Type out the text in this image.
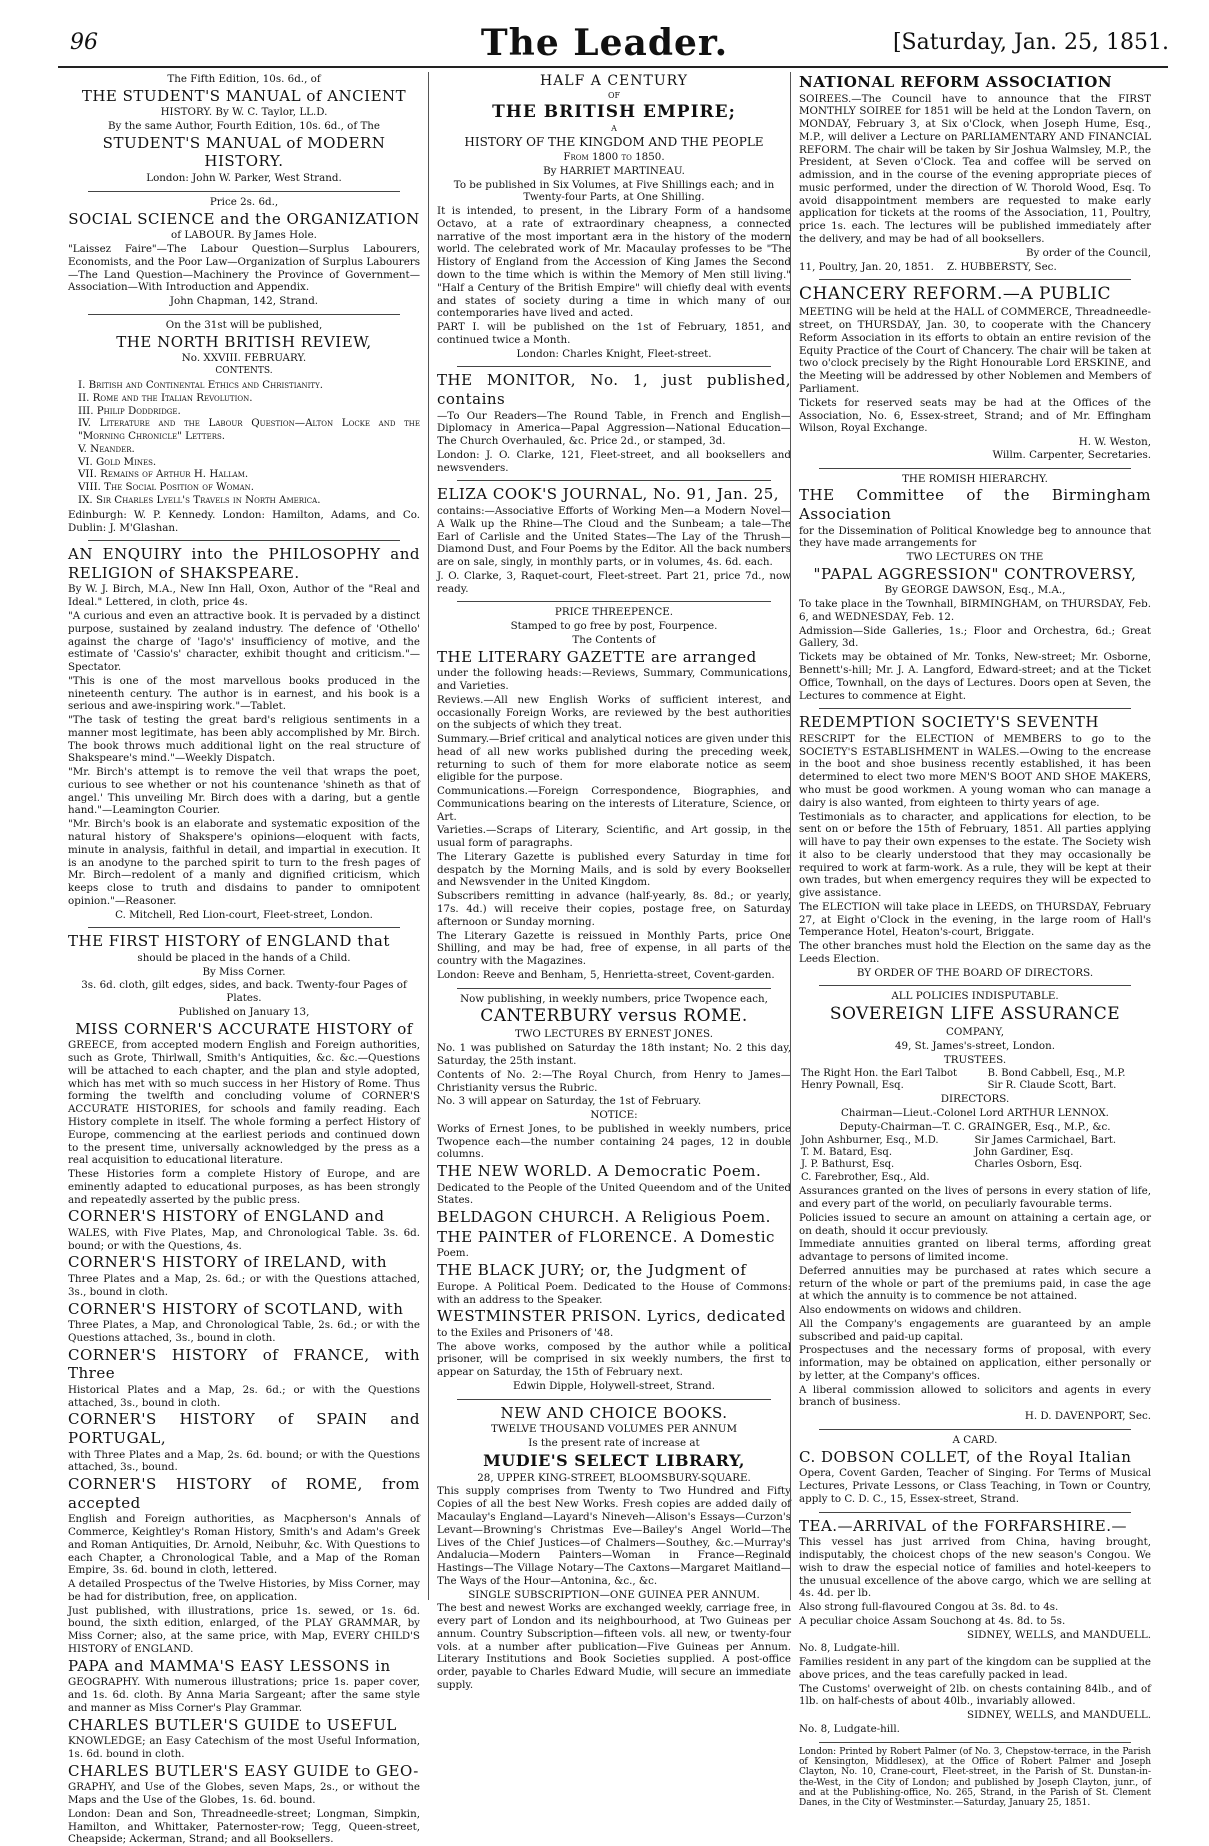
96	The Leader.	[Saturday, Jan. 25, 1851.

The Fifth Edition, 10s. 6d., of

THE STUDENT'S MANUAL of ANCIENT

HISTORY. By W. C. Taylor, LL.D.

By the same Author, Fourth Edition, 10s. 6d., of The

STUDENT'S MANUAL of MODERN HISTORY.

London: John W. Parker, West Strand.

Price 2s. 6d.,

SOCIAL SCIENCE and the ORGANIZATION

of LABOUR. By James Hole.

"Laissez Faire"—The Labour Question—Surplus Labourers, Economists, and the Poor Law—Organization of Surplus Labourers—The Land Question—Machinery the Province of Government—Association—With Introduction and Appendix.

John Chapman, 142, Strand.

On the 31st will be published,

THE NORTH BRITISH REVIEW,

No. XXVIII. FEBRUARY.

CONTENTS.

I. British and Continental Ethics and Christianity.
II. Rome and the Italian Revolution.
III. Philip Doddridge.
IV. Literature and the Labour Question—Alton Locke and the "Morning Chronicle" Letters.
V. Neander.
VI. Gold Mines.
VII. Remains of Arthur H. Hallam.
VIII. The Social Position of Woman.
IX. Sir Charles Lyell's Travels in North America.

Edinburgh: W. P. Kennedy. London: Hamilton, Adams, and Co. Dublin: J. M'Glashan.

AN ENQUIRY into the PHILOSOPHY and RELIGION of SHAKSPEARE.

By W. J. Birch, M.A., New Inn Hall, Oxon, Author of the "Real and Ideal." Lettered, in cloth, price 4s.

"A curious and even an attractive book. It is pervaded by a distinct purpose, sustained by zealand industry. The defence of 'Othello' against the charge of 'Iago's' insufficiency of motive, and the estimate of 'Cassio's' character, exhibit thought and criticism."—Spectator.

"This is one of the most marvellous books produced in the nineteenth century. The author is in earnest, and his book is a serious and awe-inspiring work."—Tablet.

"The task of testing the great bard's religious sentiments in a manner most legitimate, has been ably accomplished by Mr. Birch. The book throws much additional light on the real structure of Shakspeare's mind."—Weekly Dispatch.

"Mr. Birch's attempt is to remove the veil that wraps the poet, curious to see whether or not his countenance 'shineth as that of angel.' This unveiling Mr. Birch does with a daring, but a gentle hand."—Leamington Courier.

"Mr. Birch's book is an elaborate and systematic exposition of the natural history of Shakspere's opinions—eloquent with facts, minute in analysis, faithful in detail, and impartial in execution. It is an anodyne to the parched spirit to turn to the fresh pages of Mr. Birch—redolent of a manly and dignified criticism, which keeps close to truth and disdains to pander to omnipotent opinion."—Reasoner.

C. Mitchell, Red Lion-court, Fleet-street, London.

THE FIRST HISTORY of ENGLAND that

should be placed in the hands of a Child.

By Miss Corner.

3s. 6d. cloth, gilt edges, sides, and back. Twenty-four Pages of Plates.

Published on January 13,

MISS CORNER'S ACCURATE HISTORY of

GREECE, from accepted modern English and Foreign authorities, such as Grote, Thirlwall, Smith's Antiquities, &c. &c.—Questions will be attached to each chapter, and the plan and style adopted, which has met with so much success in her History of Rome. Thus forming the twelfth and concluding volume of CORNER'S ACCURATE HISTORIES, for schools and family reading. Each History complete in itself. The whole forming a perfect History of Europe, commencing at the earliest periods and continued down to the present time, universally acknowledged by the press as a real acquisition to educational literature.

These Histories form a complete History of Europe, and are eminently adapted to educational purposes, as has been strongly and repeatedly asserted by the public press.

CORNER'S HISTORY of ENGLAND and

WALES, with Five Plates, Map, and Chronological Table. 3s. 6d. bound; or with the Questions, 4s.

CORNER'S HISTORY of IRELAND, with

Three Plates and a Map, 2s. 6d.; or with the Questions attached, 3s., bound in cloth.

CORNER'S HISTORY of SCOTLAND, with

Three Plates, a Map, and Chronological Table, 2s. 6d.; or with the Questions attached, 3s., bound in cloth.

CORNER'S HISTORY of FRANCE, with Three

Historical Plates and a Map, 2s. 6d.; or with the Questions attached, 3s., bound in cloth.

CORNER'S HISTORY of SPAIN and PORTUGAL,

with Three Plates and a Map, 2s. 6d. bound; or with the Questions attached, 3s., bound.

CORNER'S HISTORY of ROME, from accepted

English and Foreign authorities, as Macpherson's Annals of Commerce, Keightley's Roman History, Smith's and Adam's Greek and Roman Antiquities, Dr. Arnold, Neibuhr, &c. With Questions to each Chapter, a Chronological Table, and a Map of the Roman Empire, 3s. 6d. bound in cloth, lettered.

A detailed Prospectus of the Twelve Histories, by Miss Corner, may be had for distribution, free, on application.

Just published, with illustrations, price 1s. sewed, or 1s. 6d. bound, the sixth edition, enlarged, of the PLAY GRAMMAR, by Miss Corner; also, at the same price, with Map, EVERY CHILD'S HISTORY of ENGLAND.

PAPA and MAMMA'S EASY LESSONS in

GEOGRAPHY. With numerous illustrations; price 1s. paper cover, and 1s. 6d. cloth. By Anna Maria Sargeant; after the same style and manner as Miss Corner's Play Grammar.

CHARLES BUTLER'S GUIDE to USEFUL

KNOWLEDGE; an Easy Catechism of the most Useful Information, 1s. 6d. bound in cloth.

CHARLES BUTLER'S EASY GUIDE to GEO-

GRAPHY, and Use of the Globes, seven Maps, 2s., or without the Maps and the Use of the Globes, 1s. 6d. bound.

London: Dean and Son, Threadneedle-street; Longman, Simpkin, Hamilton, and Whittaker, Paternoster-row; Tegg, Queen-street, Cheapside; Ackerman, Strand; and all Booksellers.

HALF A CENTURY

OF

THE BRITISH EMPIRE;

A

HISTORY OF THE KINGDOM AND THE PEOPLE

From 1800 to 1850.

By HARRIET MARTINEAU.

To be published in Six Volumes, at Five Shillings each; and in Twenty-four Parts, at One Shilling.

It is intended, to present, in the Library Form of a handsome Octavo, at a rate of extraordinary cheapness, a connected narrative of the most important æra in the history of the modern world. The celebrated work of Mr. Macaulay professes to be "The History of England from the Accession of King James the Second down to the time which is within the Memory of Men still living." "Half a Century of the British Empire" will chiefly deal with events and states of society during a time in which many of our contemporaries have lived and acted.

PART I. will be published on the 1st of February, 1851, and continued twice a Month.

London: Charles Knight, Fleet-street.

THE MONITOR, No. 1, just published, contains

—To Our Readers—The Round Table, in French and English—Diplomacy in America—Papal Aggression—National Education—The Church Overhauled, &c. Price 2d., or stamped, 3d.

London: J. O. Clarke, 121, Fleet-street, and all booksellers and newsvenders.

ELIZA COOK'S JOURNAL, No. 91, Jan. 25,

contains:—Associative Efforts of Working Men—a Modern Novel—A Walk up the Rhine—The Cloud and the Sunbeam; a tale—The Earl of Carlisle and the United States—The Lay of the Thrush—Diamond Dust, and Four Poems by the Editor. All the back numbers are on sale, singly, in monthly parts, or in volumes, 4s. 6d. each.

J. O. Clarke, 3, Raquet-court, Fleet-street. Part 21, price 7d., now ready.

PRICE THREEPENCE.

Stamped to go free by post, Fourpence.

The Contents of

THE LITERARY GAZETTE are arranged

under the following heads:—Reviews, Summary, Communications, and Varieties.

Reviews.—All new English Works of sufficient interest, and occasionally Foreign Works, are reviewed by the best authorities on the subjects of which they treat.

Summary.—Brief critical and analytical notices are given under this head of all new works published during the preceding week, returning to such of them for more elaborate notice as seem eligible for the purpose.

Communications.—Foreign Correspondence, Biographies, and Communications bearing on the interests of Literature, Science, or Art.

Varieties.—Scraps of Literary, Scientific, and Art gossip, in the usual form of paragraphs.

The Literary Gazette is published every Saturday in time for despatch by the Morning Mails, and is sold by every Bookseller and Newsvender in the United Kingdom.

Subscribers remitting in advance (half-yearly, 8s. 8d.; or yearly, 17s. 4d.) will receive their copies, postage free, on Saturday afternoon or Sunday morning.

The Literary Gazette is reissued in Monthly Parts, price One Shilling, and may be had, free of expense, in all parts of the country with the Magazines.

London: Reeve and Benham, 5, Henrietta-street, Covent-garden.

Now publishing, in weekly numbers, price Twopence each,

CANTERBURY versus ROME.

TWO LECTURES BY ERNEST JONES.

No. 1 was published on Saturday the 18th instant; No. 2 this day, Saturday, the 25th instant.

Contents of No. 2:—The Royal Church, from Henry to James—Christianity versus the Rubric.

No. 3 will appear on Saturday, the 1st of February.

NOTICE:

Works of Ernest Jones, to be published in weekly numbers, price Twopence each—the number containing 24 pages, 12 in double columns.

THE NEW WORLD. A Democratic Poem.

Dedicated to the People of the United Queendom and of the United States.

BELDAGON CHURCH. A Religious Poem.

THE PAINTER of FLORENCE. A Domestic

Poem.

THE BLACK JURY; or, the Judgment of

Europe. A Political Poem. Dedicated to the House of Commons: with an address to the Speaker.

WESTMINSTER PRISON. Lyrics, dedicated

to the Exiles and Prisoners of '48.

The above works, composed by the author while a political prisoner, will be comprised in six weekly numbers, the first to appear on Saturday, the 15th of February next.

Edwin Dipple, Holywell-street, Strand.

NEW AND CHOICE BOOKS.

TWELVE THOUSAND VOLUMES PER ANNUM

Is the present rate of increase at

MUDIE'S SELECT LIBRARY,

28, UPPER KING-STREET, BLOOMSBURY-SQUARE.

This supply comprises from Twenty to Two Hundred and Fifty Copies of all the best New Works. Fresh copies are added daily of Macaulay's England—Layard's Nineveh—Alison's Essays—Curzon's Levant—Browning's Christmas Eve—Bailey's Angel World—The Lives of the Chief Justices—of Chalmers—Southey, &c.—Murray's Andalucia—Modern Painters—Woman in France—Reginald Hastings—The Village Notary—The Caxtons—Margaret Maitland—The Ways of the Hour—Antonina, &c., &c.

SINGLE SUBSCRIPTION—ONE GUINEA PER ANNUM.

The best and newest Works are exchanged weekly, carriage free, in every part of London and its neighbourhood, at Two Guineas per annum. Country Subscription—fifteen vols. all new, or twenty-four vols. at a number after publication—Five Guineas per Annum. Literary Institutions and Book Societies supplied. A post-office order, payable to Charles Edward Mudie, will secure an immediate supply.

NATIONAL REFORM ASSOCIATION

SOIREES.—The Council have to announce that the FIRST MONTHLY SOIREE for 1851 will be held at the London Tavern, on MONDAY, February 3, at Six o'Clock, when Joseph Hume, Esq., M.P., will deliver a Lecture on PARLIAMENTARY AND FINANCIAL REFORM. The chair will be taken by Sir Joshua Walmsley, M.P., the President, at Seven o'Clock. Tea and coffee will be served on admission, and in the course of the evening appropriate pieces of music performed, under the direction of W. Thorold Wood, Esq. To avoid disappointment members are requested to make early application for tickets at the rooms of the Association, 11, Poultry, price 1s. each. The lectures will be published immediately after the delivery, and may be had of all booksellers.

By order of the Council,

11, Poultry, Jan. 20, 1851. Z. HUBBERSTY, Sec.

CHANCERY REFORM.—A PUBLIC

MEETING will be held at the HALL of COMMERCE, Threadneedle-street, on THURSDAY, Jan. 30, to cooperate with the Chancery Reform Association in its efforts to obtain an entire revision of the Equity Practice of the Court of Chancery. The chair will be taken at two o'clock precisely by the Right Honourable Lord ERSKINE, and the Meeting will be addressed by other Noblemen and Members of Parliament.

Tickets for reserved seats may be had at the Offices of the Association, No. 6, Essex-street, Strand; and of Mr. Effingham Wilson, Royal Exchange.

H. W. Weston,
Willm. Carpenter, Secretaries.

THE ROMISH HIERARCHY.

THE Committee of the Birmingham Association

for the Dissemination of Political Knowledge beg to announce that they have made arrangements for

TWO LECTURES ON THE

"PAPAL AGGRESSION" CONTROVERSY,

By GEORGE DAWSON, Esq., M.A.,

To take place in the Townhall, BIRMINGHAM, on THURSDAY, Feb. 6, and WEDNESDAY, Feb. 12.

Admission—Side Galleries, 1s.; Floor and Orchestra, 6d.; Great Gallery, 3d.

Tickets may be obtained of Mr. Tonks, New-street; Mr. Osborne, Bennett's-hill; Mr. J. A. Langford, Edward-street; and at the Ticket Office, Townhall, on the days of Lectures. Doors open at Seven, the Lectures to commence at Eight.

REDEMPTION SOCIETY'S SEVENTH

RESCRIPT for the ELECTION of MEMBERS to go to the SOCIETY'S ESTABLISHMENT in WALES.—Owing to the encrease in the boot and shoe business recently established, it has been determined to elect two more MEN'S BOOT AND SHOE MAKERS, who must be good workmen. A young woman who can manage a dairy is also wanted, from eighteen to thirty years of age.

Testimonials as to character, and applications for election, to be sent on or before the 15th of February, 1851. All parties applying will have to pay their own expenses to the estate. The Society wish it also to be clearly understood that they may occasionally be required to work at farm-work. As a rule, they will be kept at their own trades, but when emergency requires they will be expected to give assistance.

The ELECTION will take place in LEEDS, on THURSDAY, February 27, at Eight o'Clock in the evening, in the large room of Hall's Temperance Hotel, Heaton's-court, Briggate.

The other branches must hold the Election on the same day as the Leeds Election.

BY ORDER OF THE BOARD OF DIRECTORS.

ALL POLICIES INDISPUTABLE.

SOVEREIGN LIFE ASSURANCE

COMPANY,

49, St. James's-street, London.

TRUSTEES.

The Right Hon. the Earl Talbot	B. Bond Cabbell, Esq., M.P.
Henry Pownall, Esq.	Sir R. Claude Scott, Bart.

DIRECTORS.

Chairman—Lieut.-Colonel Lord ARTHUR LENNOX.

Deputy-Chairman—T. C. GRAINGER, Esq., M.P., &c.

John Ashburner, Esq., M.D.	Sir James Carmichael, Bart.
T. M. Batard, Esq.	John Gardiner, Esq.
J. P. Bathurst, Esq.	Charles Osborn, Esq.
C. Farebrother, Esq., Ald.	

Assurances granted on the lives of persons in every station of life, and every part of the world, on peculiarly favourable terms.

Policies issued to secure an amount on attaining a certain age, or on death, should it occur previously.

Immediate annuities granted on liberal terms, affording great advantage to persons of limited income.

Deferred annuities may be purchased at rates which secure a return of the whole or part of the premiums paid, in case the age at which the annuity is to commence be not attained.

Also endowments on widows and children.

All the Company's engagements are guaranteed by an ample subscribed and paid-up capital.

Prospectuses and the necessary forms of proposal, with every information, may be obtained on application, either personally or by letter, at the Company's offices.

A liberal commission allowed to solicitors and agents in every branch of business.

H. D. DAVENPORT, Sec.

A CARD.

C. DOBSON COLLET, of the Royal Italian

Opera, Covent Garden, Teacher of Singing. For Terms of Musical Lectures, Private Lessons, or Class Teaching, in Town or Country, apply to C. D. C., 15, Essex-street, Strand.

TEA.—ARRIVAL of the FORFARSHIRE.—

This vessel has just arrived from China, having brought, indisputably, the choicest chops of the new season's Congou. We wish to draw the especial notice of families and hotel-keepers to the unusual excellence of the above cargo, which we are selling at 4s. 4d. per lb.

Also strong full-flavoured Congou at 3s. 8d. to 4s.

A peculiar choice Assam Souchong at 4s. 8d. to 5s.

SIDNEY, WELLS, and MANDUELL.

No. 8, Ludgate-hill.

Families resident in any part of the kingdom can be supplied at the above prices, and the teas carefully packed in lead.

The Customs' overweight of 2lb. on chests containing 84lb., and of 1lb. on half-chests of about 40lb., invariably allowed.

SIDNEY, WELLS, and MANDUELL.

No. 8, Ludgate-hill.

London: Printed by Robert Palmer (of No. 3, Chepstow-terrace, in the Parish of Kensington, Middlesex), at the Office of Robert Palmer and Joseph Clayton, No. 10, Crane-court, Fleet-street, in the Parish of St. Dunstan-in-the-West, in the City of London; and published by Joseph Clayton, junr., of and at the Publishing-office, No. 265, Strand, in the Parish of St. Clement Danes, in the City of Westminster.—Saturday, January 25, 1851.
